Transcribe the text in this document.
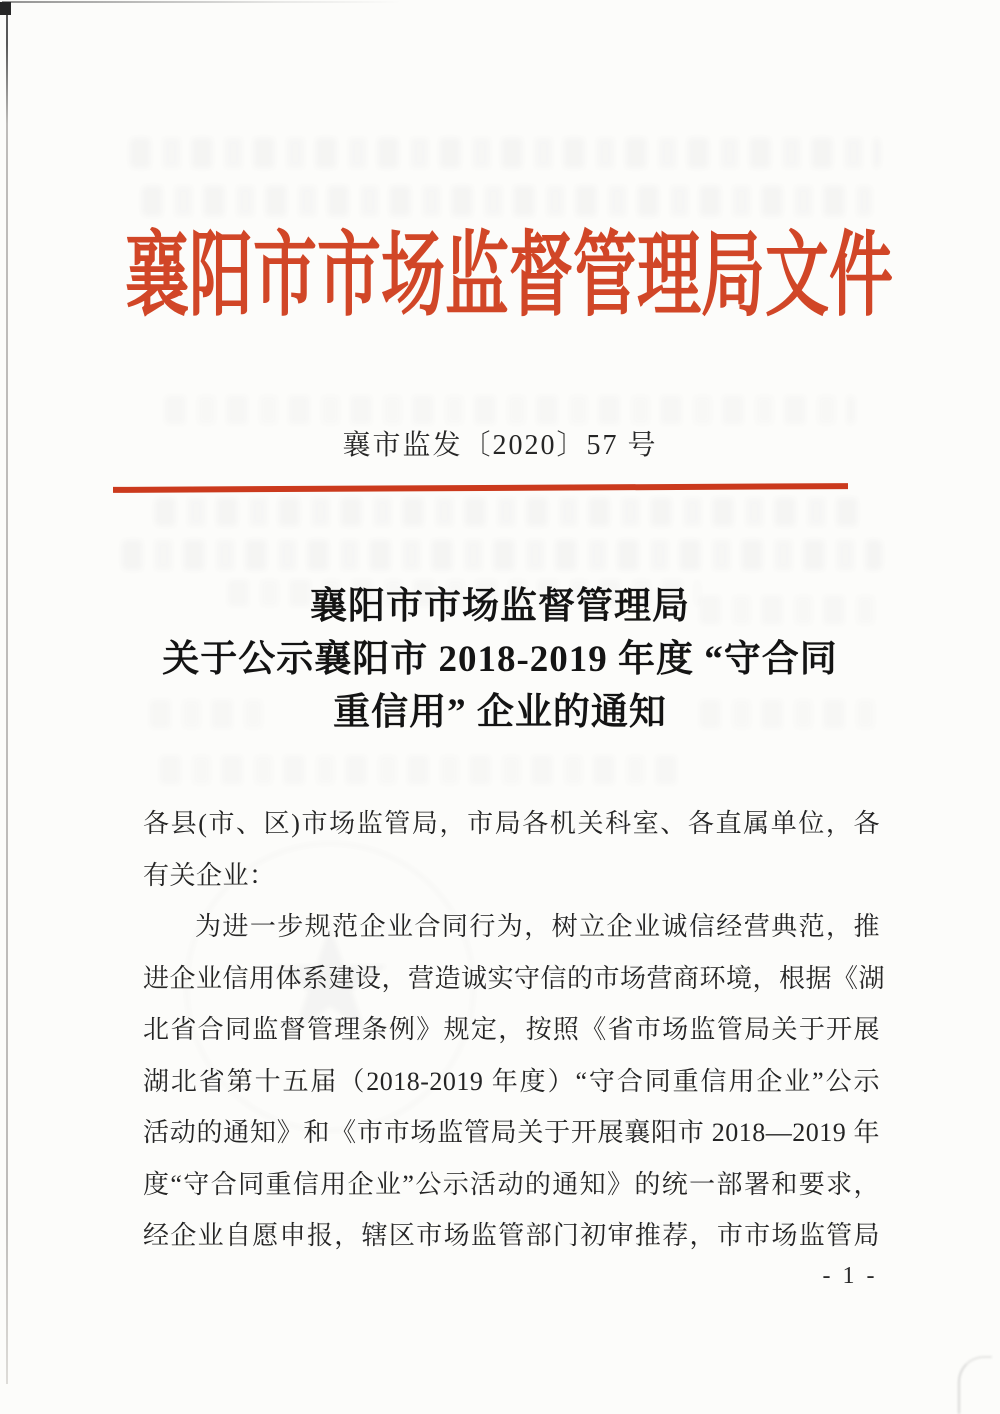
★
襄阳市市场监督管理局文件
襄市监发〔2020〕57 号
襄阳市市场监督管理局
关于公示襄阳市 2018-2019 年度 “守合同
重信用” 企业的通知
各县(市、区)市场监管局，市局各机关科室、各直属单位，各
有关企业：
为进一步规范企业合同行为，树立企业诚信经营典范，推
进企业信用体系建设，营造诚实守信的市场营商环境，根据《湖
北省合同监督管理条例》规定，按照《省市场监管局关于开展
湖北省第十五届（2018-2019 年度）“守合同重信用企业”公示
活动的通知》和《市市场监管局关于开展襄阳市 2018—2019 年
度“守合同重信用企业”公示活动的通知》的统一部署和要求，
经企业自愿申报，辖区市场监管部门初审推荐，市市场监管局
- 1 -
